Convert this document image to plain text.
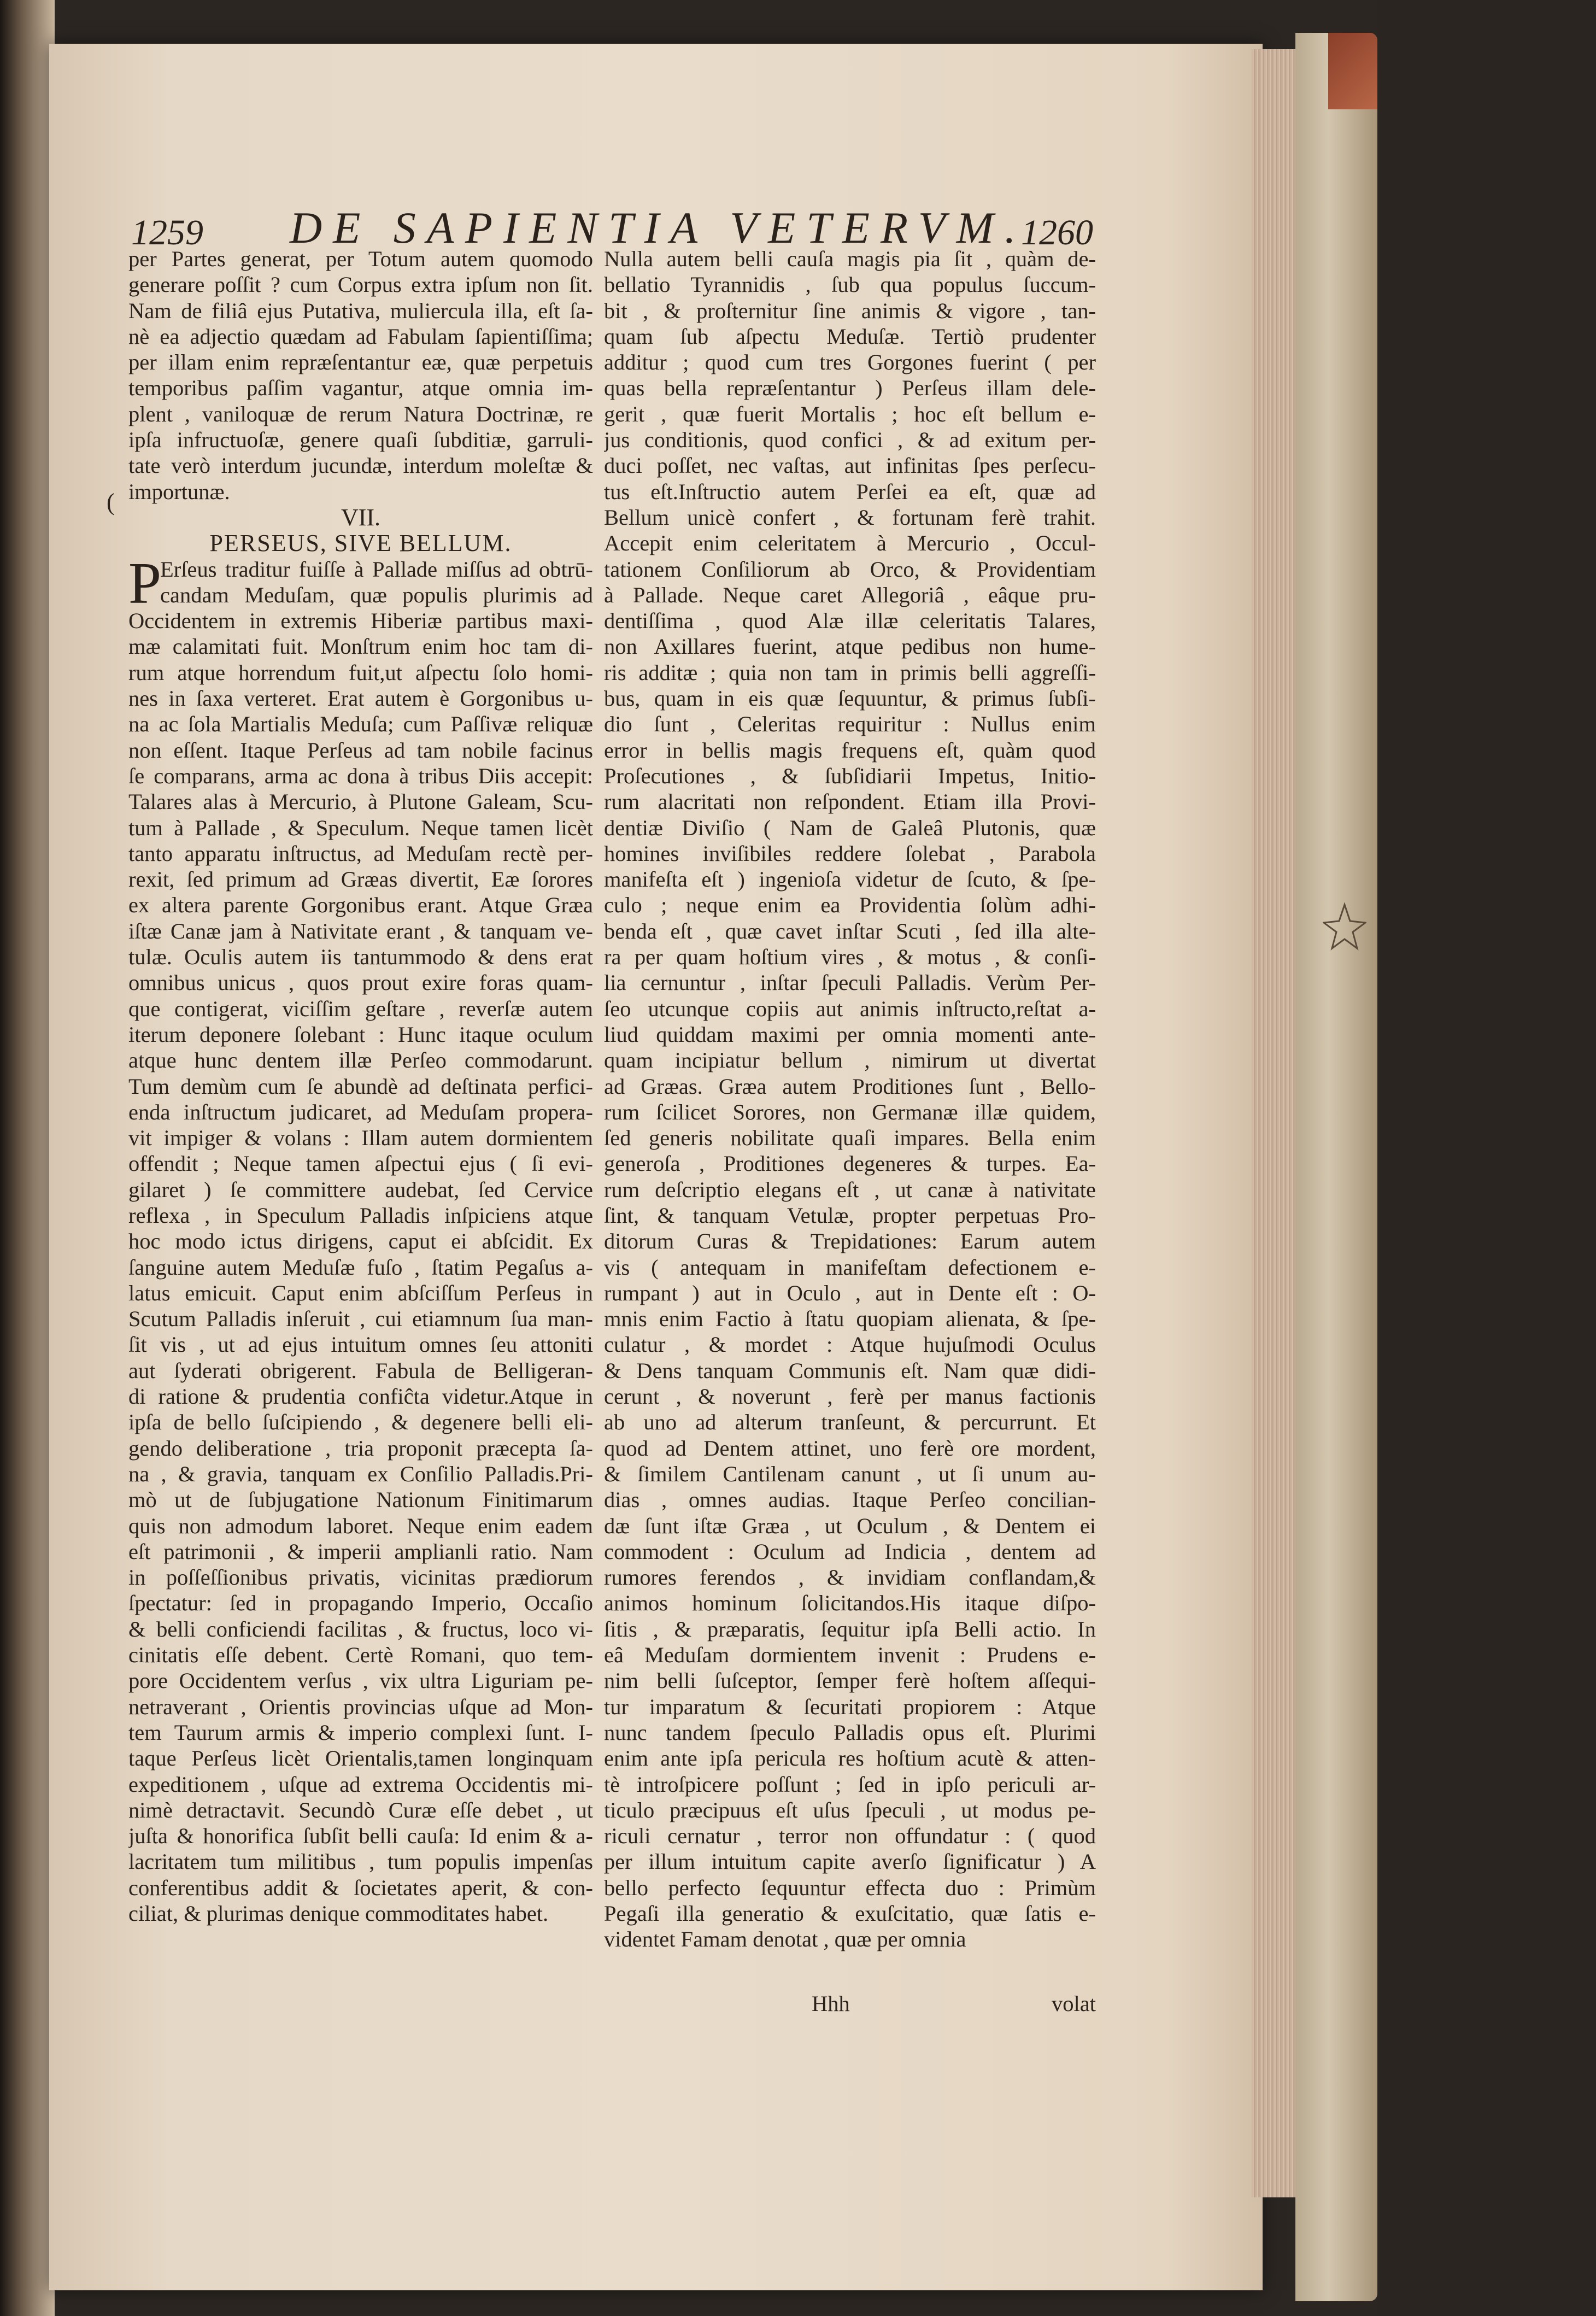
1259 DE SAPIENTIA VETERVM.
1260
(
per Partes generat, per Totum autem quomodo
generare poſſit ? cum Corpus extra ipſum non ſit.
Nam de filiâ ejus Putativa, muliercula illa, eſt ſa-
nè ea adjectio quædam ad Fabulam ſapientiſſima;
per illam enim repræſentantur eæ, quæ perpetuis
temporibus paſſim vagantur, atque omnia im-
plent , vaniloquæ de rerum Natura Doctrinæ, re
ipſa infructuoſæ, genere quaſi ſubditiæ, garruli-
tate verò interdum jucundæ, interdum moleſtæ &
importunæ.
VII.
PERSEUS, SIVE BELLUM.
P
Erſeus traditur fuiſſe à Pallade miſſus ad obtrū-
candam Meduſam, quæ populis plurimis ad
Occidentem in extremis Hiberiæ partibus maxi-
mæ calamitati fuit. Monſtrum enim hoc tam di-
rum atque horrendum fuit,ut aſpectu ſolo homi-
nes in ſaxa verteret. Erat autem è Gorgonibus u-
na ac ſola Martialis Meduſa; cum Paſſivæ reliquæ
non eſſent. Itaque Perſeus ad tam nobile facinus
ſe comparans, arma ac dona à tribus Diis accepit:
Talares alas à Mercurio, à Plutone Galeam, Scu-
tum à Pallade , & Speculum. Neque tamen licèt
tanto apparatu inſtructus, ad Meduſam rectè per-
rexit, ſed primum ad Græas divertit, Eæ ſorores
ex altera parente Gorgonibus erant. Atque Græa
iſtæ Canæ jam à Nativitate erant , & tanquam ve-
tulæ. Oculis autem iis tantummodo & dens erat
omnibus unicus , quos prout exire foras quam-
que contigerat, viciſſim geſtare , reverſæ autem
iterum deponere ſolebant : Hunc itaque oculum
atque hunc dentem illæ Perſeo commodarunt.
Tum demùm cum ſe abundè ad deſtinata perfici-
enda inſtructum judicaret, ad Meduſam propera-
vit impiger & volans : Illam autem dormientem
offendit ; Neque tamen aſpectui ejus ( ſi evi-
gilaret ) ſe committere audebat, ſed Cervice
reflexa , in Speculum Palladis inſpiciens atque
hoc modo ictus dirigens, caput ei abſcidit. Ex
ſanguine autem Meduſæ fuſo , ſtatim Pegaſus a-
latus emicuit. Caput enim abſciſſum Perſeus in
Scutum Palladis inſeruit , cui etiamnum ſua man-
ſit vis , ut ad ejus intuitum omnes ſeu attoniti
aut ſyderati obrigerent. Fabula de Belligeran-
di ratione & prudentia confiĉta videtur.Atque in
ipſa de bello ſuſcipiendo , & degenere belli eli-
gendo deliberatione , tria proponit præcepta ſa-
na , & gravia, tanquam ex Conſilio Palladis.Pri-
mò ut de ſubjugatione Nationum Finitimarum
quis non admodum laboret. Neque enim eadem
eſt patrimonii , & imperii amplianli ratio. Nam
in poſſeſſionibus privatis, vicinitas prædiorum
ſpectatur: ſed in propagando Imperio, Occaſio
& belli conficiendi facilitas , & fructus, loco vi-
cinitatis eſſe debent. Certè Romani, quo tem-
pore Occidentem verſus , vix ultra Liguriam pe-
netraverant , Orientis provincias uſque ad Mon-
tem Taurum armis & imperio complexi ſunt. I-
taque Perſeus licèt Orientalis,tamen longinquam
expeditionem , uſque ad extrema Occidentis mi-
nimè detractavit. Secundò Curæ eſſe debet , ut
juſta & honorifica ſubſit belli cauſa: Id enim & a-
lacritatem tum militibus , tum populis impenſas
conferentibus addit & ſocietates aperit, & con-
ciliat, & plurimas denique commoditates habet.
Nulla autem belli cauſa magis pia ſit , quàm de-
bellatio Tyrannidis , ſub qua populus ſuccum-
bit , & proſternitur ſine animis & vigore , tan-
quam ſub aſpectu Meduſæ. Tertiò prudenter
additur ; quod cum tres Gorgones fuerint ( per
quas bella repræſentantur ) Perſeus illam dele-
gerit , quæ fuerit Mortalis ; hoc eſt bellum e-
jus conditionis, quod confici , & ad exitum per-
duci poſſet, nec vaſtas, aut infinitas ſpes perſecu-
tus eſt.Inſtructio autem Perſei ea eſt, quæ ad
Bellum unicè confert , & fortunam ferè trahit.
Accepit enim celeritatem à Mercurio , Occul-
tationem Conſiliorum ab Orco, & Providentiam
à Pallade. Neque caret Allegoriâ , eâque pru-
dentiſſima , quod Alæ illæ celeritatis Talares,
non Axillares fuerint, atque pedibus non hume-
ris additæ ; quia non tam in primis belli aggreſſi-
bus, quam in eis quæ ſequuntur, & primus ſubſi-
dio ſunt , Celeritas requiritur : Nullus enim
error in bellis magis frequens eſt, quàm quod
Proſecutiones , & ſubſidiarii Impetus, Initio-
rum alacritati non reſpondent. Etiam illa Provi-
dentiæ Diviſio ( Nam de Galeâ Plutonis, quæ
homines inviſibiles reddere ſolebat , Parabola
manifeſta eſt ) ingenioſa videtur de ſcuto, & ſpe-
culo ; neque enim ea Providentia ſolùm adhi-
benda eſt , quæ cavet inſtar Scuti , ſed illa alte-
ra per quam hoſtium vires , & motus , & conſi-
lia cernuntur , inſtar ſpeculi Palladis. Verùm Per-
ſeo utcunque copiis aut animis inſtructo,reſtat a-
liud quiddam maximi per omnia momenti ante-
quam incipiatur bellum , nimirum ut divertat
ad Græas. Græa autem Proditiones ſunt , Bello-
rum ſcilicet Sorores, non Germanæ illæ quidem,
ſed generis nobilitate quaſi impares. Bella enim
generoſa , Proditiones degeneres & turpes. Ea-
rum deſcriptio elegans eſt , ut canæ à nativitate
ſint, & tanquam Vetulæ, propter perpetuas Pro-
ditorum Curas & Trepidationes: Earum autem
vis ( antequam in manifeſtam defectionem e-
rumpant ) aut in Oculo , aut in Dente eſt : O-
mnis enim Factio à ſtatu quopiam alienata, & ſpe-
culatur , & mordet : Atque hujuſmodi Oculus
& Dens tanquam Communis eſt. Nam quæ didi-
cerunt , & noverunt , ferè per manus factionis
ab uno ad alterum tranſeunt, & percurrunt. Et
quod ad Dentem attinet, uno ferè ore mordent,
& ſimilem Cantilenam canunt , ut ſi unum au-
dias , omnes audias. Itaque Perſeo concilian-
dæ ſunt iſtæ Græa , ut Oculum , & Dentem ei
commodent : Oculum ad Indicia , dentem ad
rumores ferendos , & invidiam conflandam,&
animos hominum ſolicitandos.His itaque diſpo-
ſitis , & præparatis, ſequitur ipſa Belli actio. In
eâ Meduſam dormientem invenit : Prudens e-
nim belli ſuſceptor, ſemper ferè hoſtem aſſequi-
tur imparatum & ſecuritati propiorem : Atque
nunc tandem ſpeculo Palladis opus eſt. Plurimi
enim ante ipſa pericula res hoſtium acutè & atten-
tè introſpicere poſſunt ; ſed in ipſo periculi ar-
ticulo præcipuus eſt uſus ſpeculi , ut modus pe-
riculi cernatur , terror non offundatur : ( quod
per illum intuitum capite averſo ſignificatur ) A
bello perfecto ſequuntur effecta duo : Primùm
Pegaſi illa generatio & exuſcitatio, quæ ſatis e-
videntet Famam denotat , quæ per omnia
Hhh	volat
